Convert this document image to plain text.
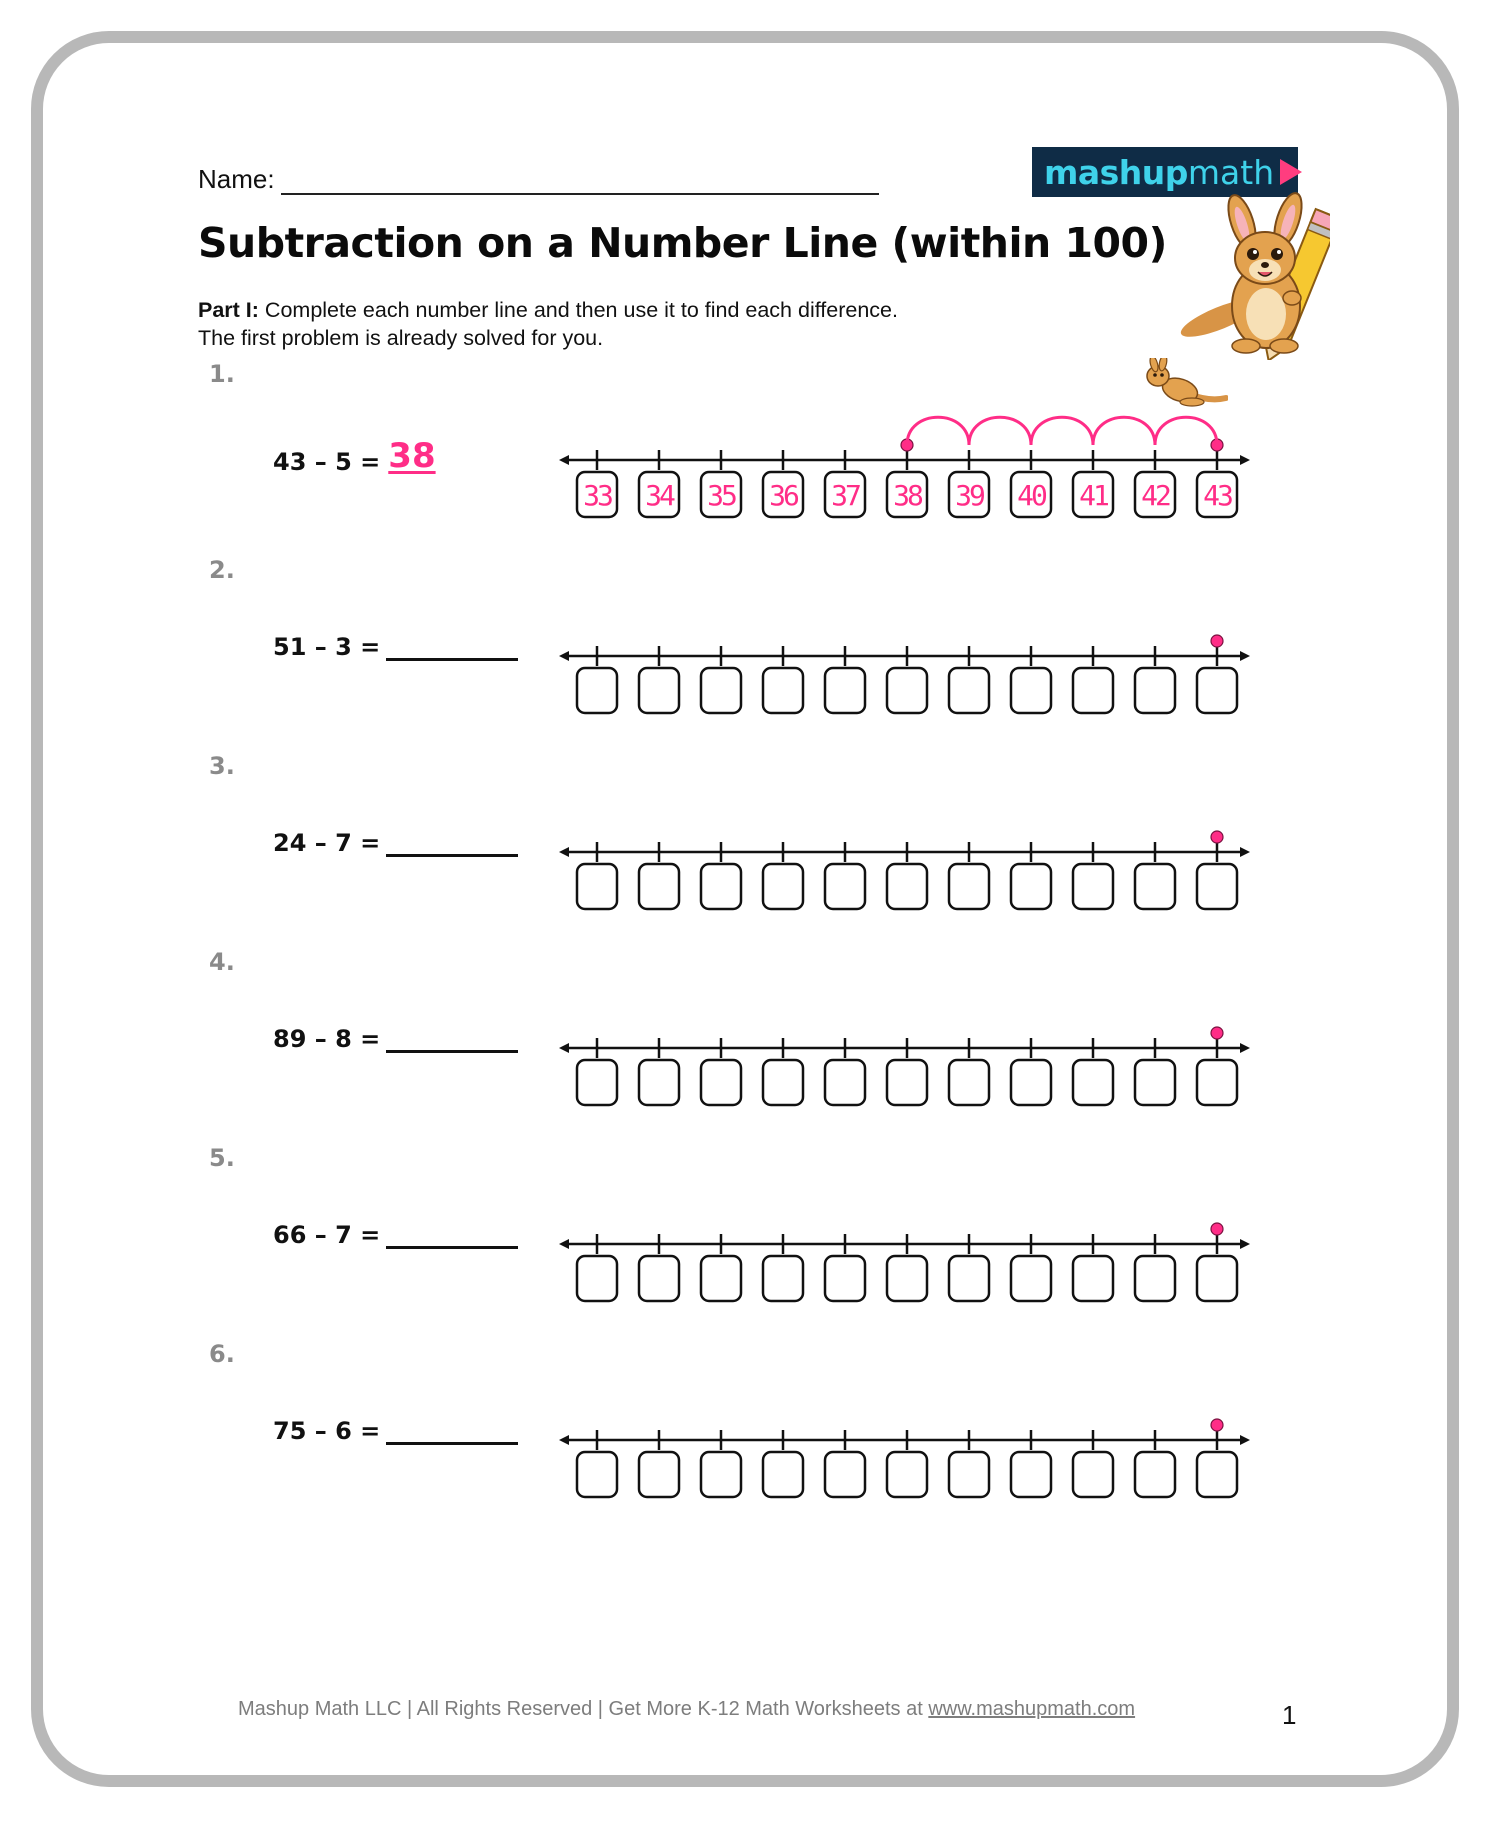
Name:	mashup math
Subtraction on a Number Line (within 100)
Part I: Complete each number line and then use it to find each difference.
The first problem is already solved for you.
1.
43 – 5 = 38
33 34 35 36 37 38 39 40 41 42 43
2.
51 – 3 =
3.
24 – 7 =
4.
89 – 8 =
5.
66 – 7 =
6.
75 – 6 =
Mashup Math LLC | All Rights Reserved | Get More K-12 Math Worksheets at www.mashupmath.com	1
